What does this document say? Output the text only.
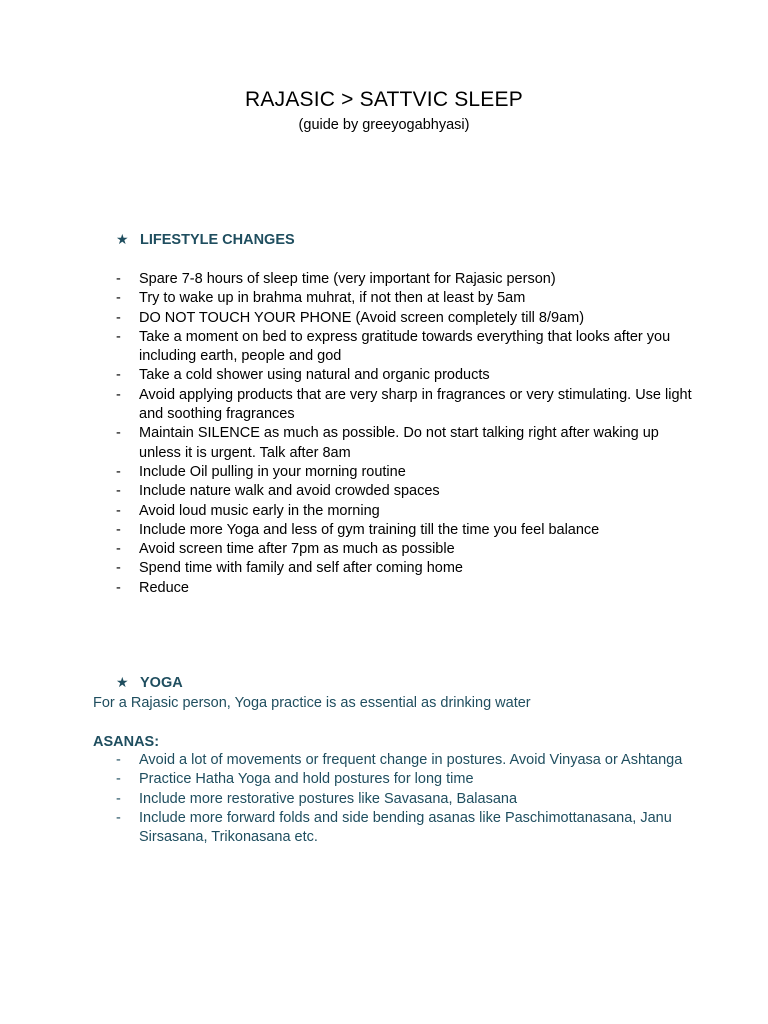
RAJASIC > SATTVIC SLEEP
(guide by greeyogabhyasi)
★ LIFESTYLE CHANGES
- Spare 7-8 hours of sleep time (very important for Rajasic person)
- Try to wake up in brahma muhrat, if not then at least by 5am
- DO NOT TOUCH YOUR PHONE (Avoid screen completely till 8/9am)
- Take a moment on bed to express gratitude towards everything that looks after you including earth, people and god
- Take a cold shower using natural and organic products
- Avoid applying products that are very sharp in fragrances or very stimulating. Use light and soothing fragrances
- Maintain SILENCE as much as possible. Do not start talking right after waking up unless it is urgent. Talk after 8am
- Include Oil pulling in your morning routine
- Include nature walk and avoid crowded spaces
- Avoid loud music early in the morning
- Include more Yoga and less of gym training till the time you feel balance
- Avoid screen time after 7pm as much as possible
- Spend time with family and self after coming home
- Reduce
★ YOGA
For a Rajasic person, Yoga practice is as essential as drinking water
ASANAS:
- Avoid a lot of movements or frequent change in postures. Avoid Vinyasa or Ashtanga
- Practice Hatha Yoga and hold postures for long time
- Include more restorative postures like Savasana, Balasana
- Include more forward folds and side bending asanas like Paschimottanasana, Janu Sirsasana, Trikonasana etc.
